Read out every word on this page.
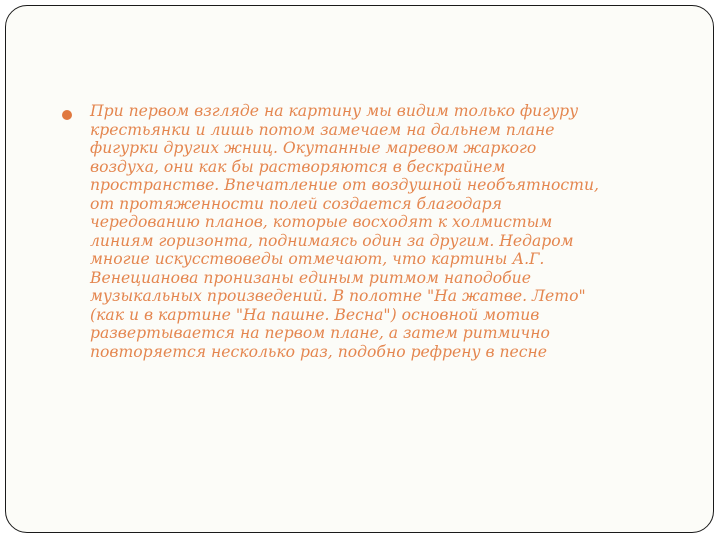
При первом взгляде на картину мы видим только фигуру
крестьянки и лишь потом замечаем на дальнем плане
фигурки других жниц. Окутанные маревом жаркого
воздуха, они как бы растворяются в бескрайнем
пространстве. Впечатление от воздушной необъятности,
от протяженности полей создается благодаря
чередованию планов, которые восходят к холмистым
линиям горизонта, поднимаясь один за другим. Недаром
многие искусствоведы отмечают, что картины А.Г.
Венецианова пронизаны единым ритмом наподобие
музыкальных произведений. В полотне "На жатве. Лето"
(как и в картине "На пашне. Весна") основной мотив
развертывается на первом плане, а затем ритмично
повторяется несколько раз, подобно рефрену в песне
